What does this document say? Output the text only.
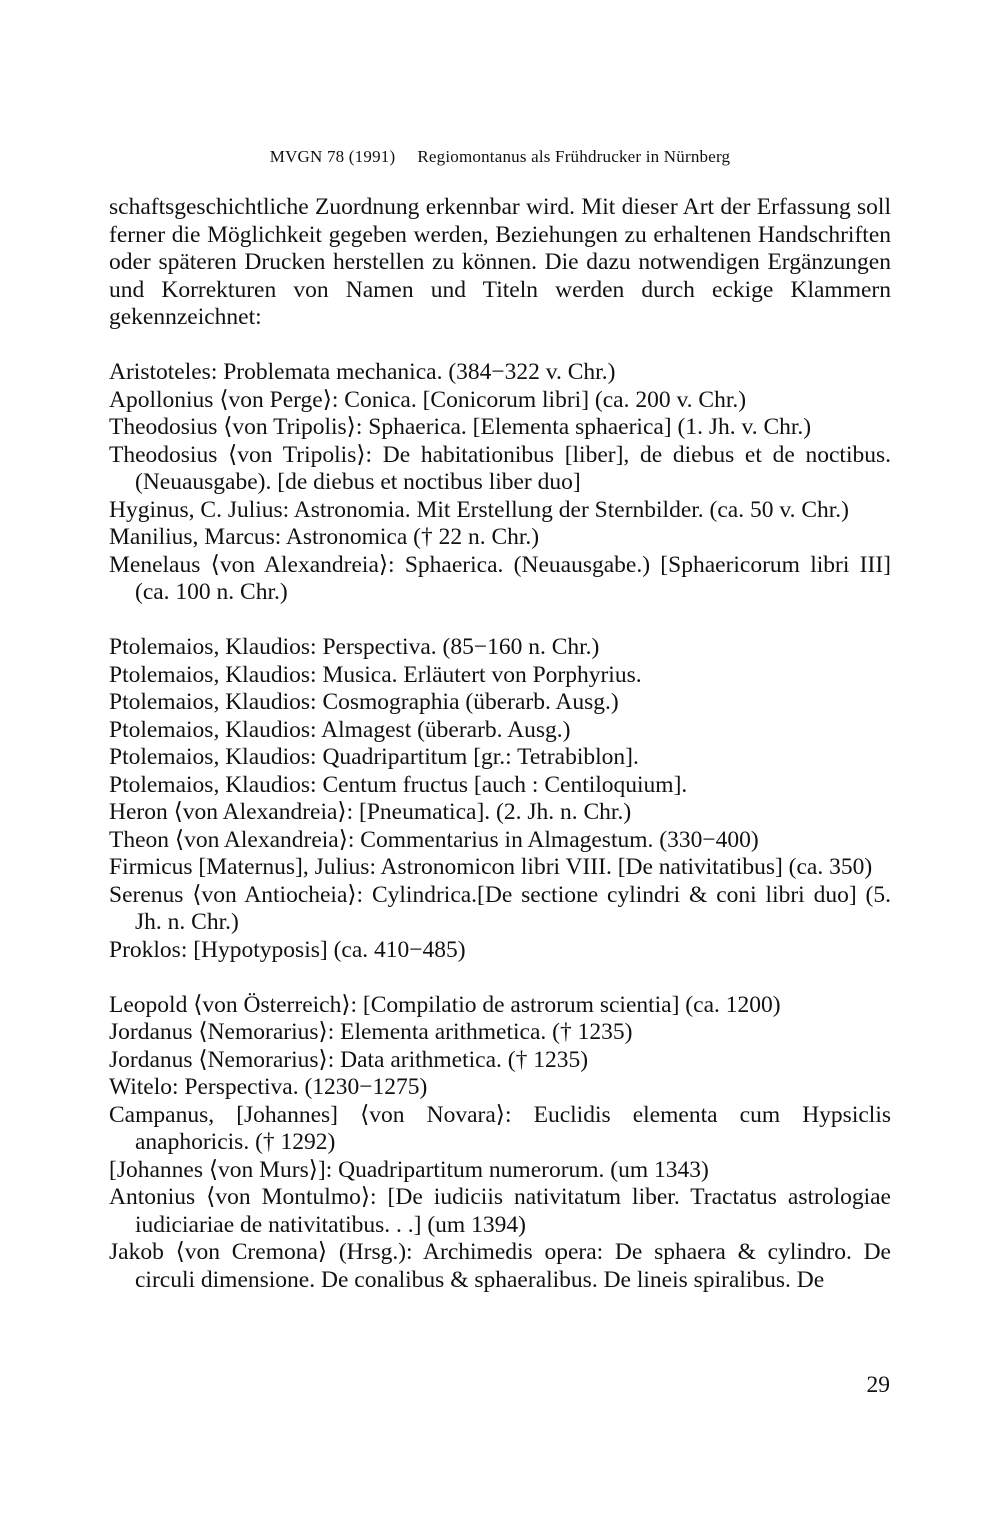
MVGN 78 (1991) Regiomontanus als Frühdrucker in Nürnberg

schaftsgeschichtliche Zuordnung erkennbar wird. Mit dieser Art der Erfassung soll ferner die Möglichkeit gegeben werden, Beziehungen zu erhaltenen Handschriften oder späteren Drucken herstellen zu können. Die dazu notwendigen Ergänzungen und Korrekturen von Namen und Titeln werden durch eckige Klammern gekennzeichnet:

Aristoteles: Problemata mechanica. (384−322 v. Chr.)
Apollonius ⟨von Perge⟩: Conica. [Conicorum libri] (ca. 200 v. Chr.)
Theodosius ⟨von Tripolis⟩: Sphaerica. [Elementa sphaerica] (1. Jh. v. Chr.)
Theodosius ⟨von Tripolis⟩: De habitationibus [liber], de diebus et de noctibus. (Neuausgabe). [de diebus et noctibus liber duo]
Hyginus, C. Julius: Astronomia. Mit Erstellung der Sternbilder. (ca. 50 v. Chr.)
Manilius, Marcus: Astronomica († 22 n. Chr.)
Menelaus ⟨von Alexandreia⟩: Sphaerica. (Neuausgabe.) [Sphaericorum libri III] (ca. 100 n. Chr.)
Ptolemaios, Klaudios: Perspectiva. (85−160 n. Chr.)
Ptolemaios, Klaudios: Musica. Erläutert von Porphyrius.
Ptolemaios, Klaudios: Cosmographia (überarb. Ausg.)
Ptolemaios, Klaudios: Almagest (überarb. Ausg.)
Ptolemaios, Klaudios: Quadripartitum [gr.: Tetrabiblon].
Ptolemaios, Klaudios: Centum fructus [auch : Centiloquium].
Heron ⟨von Alexandreia⟩: [Pneumatica]. (2. Jh. n. Chr.)
Theon ⟨von Alexandreia⟩: Commentarius in Almagestum. (330−400)
Firmicus [Maternus], Julius: Astronomicon libri VIII. [De nativitatibus] (ca. 350)
Serenus ⟨von Antiocheia⟩: Cylindrica.[De sectione cylindri & coni libri duo] (5. Jh. n. Chr.)
Proklos: [Hypotyposis] (ca. 410−485)
Leopold ⟨von Österreich⟩: [Compilatio de astrorum scientia] (ca. 1200)
Jordanus ⟨Nemorarius⟩: Elementa arithmetica. († 1235)
Jordanus ⟨Nemorarius⟩: Data arithmetica. († 1235)
Witelo: Perspectiva. (1230−1275)
Campanus, [Johannes] ⟨von Novara⟩: Euclidis elementa cum Hypsiclis anaphoricis. († 1292)
[Johannes ⟨von Murs⟩]: Quadripartitum numerorum. (um 1343)
Antonius ⟨von Montulmo⟩: [De iudiciis nativitatum liber. Tractatus astrologiae iudiciariae de nativitatibus. . .] (um 1394)
Jakob ⟨von Cremona⟩ (Hrsg.): Archimedis opera: De sphaera & cylindro. De circuli dimensione. De conalibus & sphaeralibus. De lineis spiralibus. De
29
